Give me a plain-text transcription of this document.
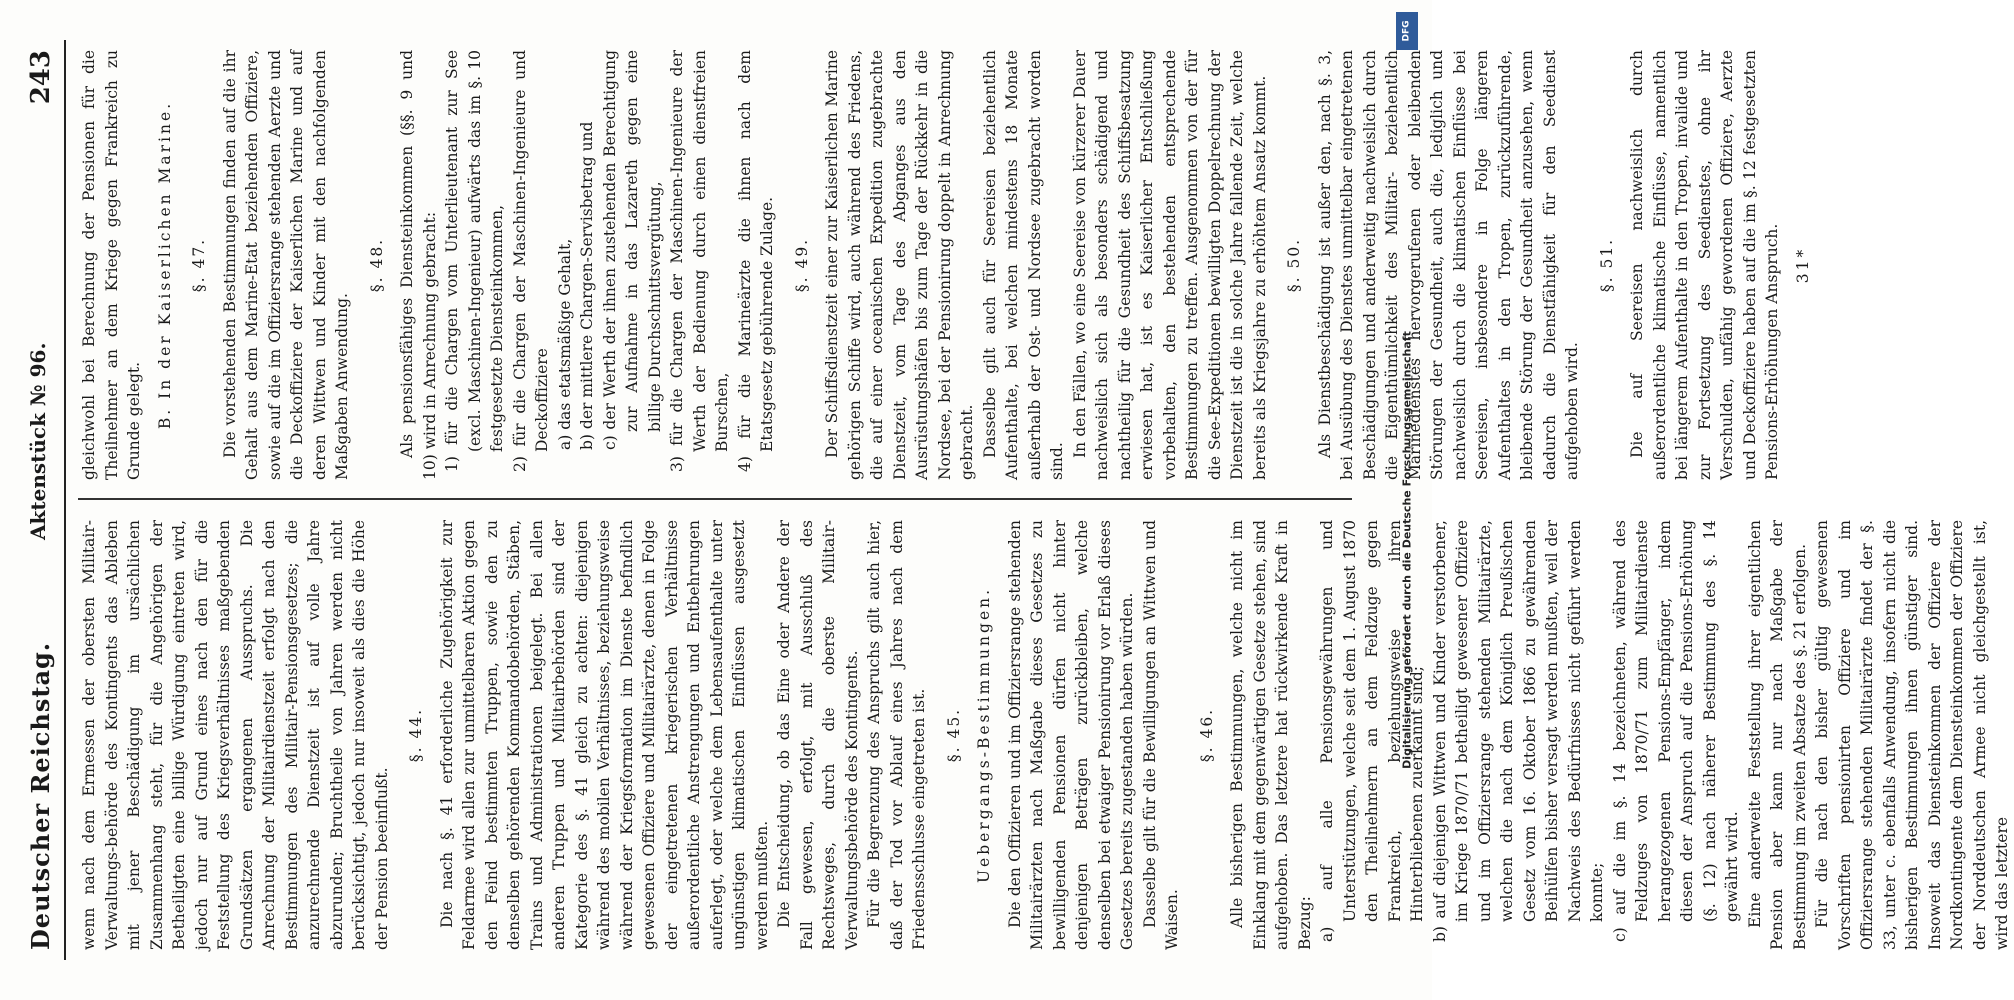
Deutscher Reichstag.
Aktenstück № 96.
243

wenn nach dem Ermessen der obersten Militair-Verwaltungs-behörde des Kontingents das Ableben mit jener Beschädigung im ursächlichen Zusammenhang steht, für die Angehörigen der Betheiligten eine billige Würdigung eintreten wird, jedoch nur auf Grund eines nach den für die Feststellung des Kriegsverhältnisses maßgebenden Grundsätzen ergangenen Ausspruchs. Die Anrechnung der Militairdienstzeit erfolgt nach den Bestimmungen des Militair-Pensionsgesetzes; die anzurechnende Dienstzeit ist auf volle Jahre abzurunden; Bruchtheile von Jahren werden nicht berücksichtigt, jedoch nur insoweit als dies die Höhe der Pension beeinflußt.

§. 44. Die nach §. 41 erforderliche Zugehörigkeit zur Feldarmee wird allen zur unmittelbaren Aktion gegen den Feind bestimmten Truppen, sowie den zu denselben gehörenden Kommandobehörden, Stäben, Trains und Administrationen beigelegt. Bei allen anderen Truppen und Militairbehörden sind der Kategorie des §. 41 gleich zu achten: diejenigen während des mobilen Verhältnisses, beziehungsweise während der Kriegsformation im Dienste befindlich gewesenen Offiziere und Militairärzte, denen in Folge der eingetretenen kriegerischen Verhältnisse außerordentliche Anstrengungen und Entbehrungen auferlegt, oder welche dem Lebensaufenthalte unter ungünstigen klimatischen Einflüssen ausgesetzt werden mußten. Die Entscheidung, ob das Eine oder Andere der Fall gewesen, erfolgt, mit Ausschluß des Rechtsweges, durch die oberste Militair-Verwaltungsbehörde des Kontingents. Für die Begrenzung des Anspruchs gilt auch hier, daß der Tod vor Ablauf eines Jahres nach dem Friedensschlusse eingetreten ist. §. 45. Uebergangs-Bestimmungen. Die den Offizieren und im Offiziersrange stehenden Militairärzten nach Maßgabe dieses Gesetzes zu bewilligenden Pensionen dürfen nicht hinter denjenigen Beträgen zurückbleiben, welche denselben bei etwaiger Pensionirung vor Erlaß dieses Gesetzes bereits zugestanden haben würden. Dasselbe gilt für die Bewilligungen an Wittwen und Waisen.

§. 46. Alle bisherigen Bestimmungen, welche nicht im Einklang mit dem gegenwärtigen Gesetze stehen, sind aufgehoben. Das letztere hat rückwirkende Kraft in Bezug: a) auf alle Pensionsgewährungen und Unterstützungen, welche seit dem 1. August 1870 den Theilnehmern an dem Feldzuge gegen Frankreich, beziehungsweise ihren Hinterbliebenen zuerkannt sind; b) auf diejenigen Wittwen und Kinder verstorbener, im Kriege 1870/71 betheiligt gewesener Offiziere und im Offiziersrange stehenden Militairärzte, welchen die nach dem Königlich Preußischen Gesetz vom 16. Oktober 1866 zu gewährenden Beihülfen bisher versagt werden mußten, weil der Nachweis des Bedürfnisses nicht geführt werden konnte; c) auf die im §. 14 bezeichneten, während des Feldzuges von 1870/71 zum Militairdienste herangezogenen Pensions-Empfänger, indem diesen der Anspruch auf die Pensions-Erhöhung (§. 12) nach näherer Bestimmung des §. 14 gewährt wird. Eine anderweite Feststellung ihrer eigentlichen Pension aber kann nur nach Maßgabe der Bestimmung im zweiten Absatze des §. 21 erfolgen. Für die nach den bisher gültig gewesenen Vorschriften pensionirten Offiziere und im Offiziersrange stehenden Militairärzte findet der §. 33, unter c. ebenfalls Anwendung, insofern nicht die bisherigen Bestimmungen ihnen günstiger sind. Insoweit das Diensteinkommen der Offiziere der Nordkontingente dem Diensteinkommen der Offiziere der Norddeutschen Armee nicht gleichgestellt ist, wird das letztere

gleichwohl bei Berechnung der Pensionen für die Theilnehmer an dem Kriege gegen Frankreich zu Grunde gelegt. B. In der Kaiserlichen Marine. §. 47. Die vorstehenden Bestimmungen finden auf die ihr Gehalt aus dem Marine-Etat beziehenden Offiziere, sowie auf die im Offiziersrange stehenden Aerzte und die Deckoffiziere der Kaiserlichen Marine und auf deren Wittwen und Kinder mit den nachfolgenden Maßgaben Anwendung.

§. 48. Als pensionsfähiges Diensteinkommen (§§. 9 und 10) wird in Anrechnung gebracht: 1) für die Chargen vom Unterlieutenant zur See (excl. Maschinen-Ingenieur) aufwärts das im §. 10 festgesetzte Diensteinkommen, 2) für die Chargen der Maschinen-Ingenieure und Deckoffiziere a) das etatsmäßige Gehalt, b) der mittlere Chargen-Servisbetrag und c) der Werth der ihnen zustehenden Berechtigung zur Aufnahme in das Lazareth gegen eine billige Durchschnittsvergütung, 3) für die Chargen der Maschinen-Ingenieure der Werth der Bedienung durch einen dienstfreien Burschen, 4) für die Marineärzte die ihnen nach dem Etatsgesetz gebührende Zulage. §. 49. Der Schiffsdienstzeit einer zur Kaiserlichen Marine gehörigen Schiffe wird, auch während des Friedens, die auf einer oceanischen Expedition zugebrachte Dienstzeit, vom Tage des Abganges aus den Ausrüstungshäfen bis zum Tage der Rückkehr in die Nordsee, bei der Pensionirung doppelt in Anrechnung gebracht. Dasselbe gilt auch für Seereisen beziehentlich Aufenthalte, bei welchen mindestens 18 Monate außerhalb der Ost- und Nordsee zugebracht worden sind.

In den Fällen, wo eine Seereise von kürzerer Dauer nachweislich sich als besonders schädigend und nachtheilig für die Gesundheit des Schiffsbesatzung erwiesen hat, ist es Kaiserlicher Entschließung vorbehalten, den bestehenden entsprechende Bestimmungen zu treffen. Ausgenommen von der für die See-Expeditionen bewilligten Doppelrechnung der Dienstzeit ist die in solche Jahre fallende Zeit, welche bereits als Kriegsjahre zu erhöhtem Ansatz kommt. §. 50. Als Dienstbeschädigung ist außer den, nach §. 3, bei Ausübung des Dienstes unmittelbar eingetretenen Beschädigungen und anderweitig nachweislich durch die Eigenthümlichkeit des Militair- beziehentlich Marinedienstes hervorgerufenen oder bleibenden Störungen der Gesundheit, auch die, lediglich und nachweislich durch die klimatischen Einflüsse bei Seereisen, insbesondere in Folge längeren Aufenthaltes in den Tropen, zurückzuführende, bleibende Störung der Gesundheit anzusehen, wenn dadurch die Dienstfähigkeit für den Seedienst aufgehoben wird.

§. 51. Die auf Seereisen nachweislich durch außerordentliche klimatische Einflüsse, namentlich bei längerem Aufenthalte in den Tropen, invalide und zur Fortsetzung des Seedienstes, ohne ihr Verschulden, unfähig gewordenen Offiziere, Aerzte und Deckoffiziere haben auf die im §. 12 festgesetzten Pensions-Erhöhungen Anspruch. 31*

DFG
Digitalisierung gefördert durch die Deutsche Forschungsgemeinschaft
